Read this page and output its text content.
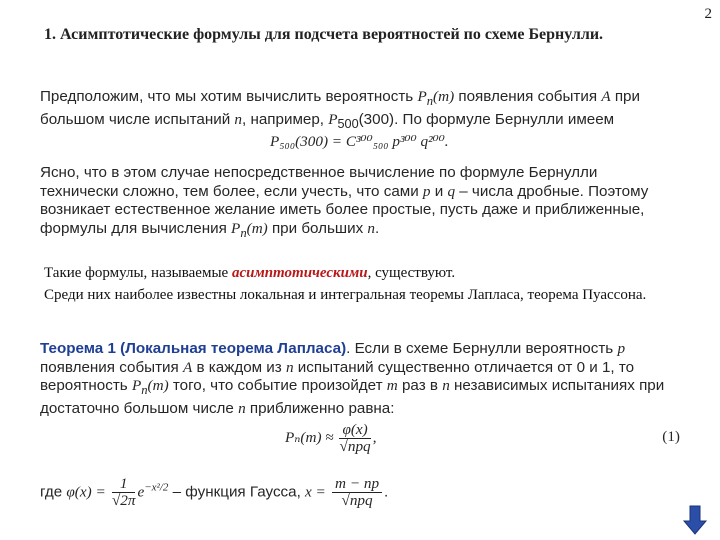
2
1. Асимптотические формулы для подсчета вероятностей по схеме Бернулли.
Предположим, что мы хотим вычислить вероятность $P_n(m)$ появления события A при большом числе испытаний n, например, $P_{500}(300)$. По формуле Бернулли имеем
P₅₀₀(300) = C³⁰⁰₅₀₀ p³⁰⁰ q²⁰⁰.
Ясно, что в этом случае непосредственное вычисление по формуле Бернулли технически сложно, тем более, если учесть, что сами p и q – числа дробные. Поэтому возникает естественное желание иметь более простые, пусть даже и приближенные, формулы для вычисления $P_n(m)$ при больших n.
Такие формулы, называемые асимптотическими, существуют.
Среди них наиболее известны локальная и интегральная теоремы Лапласа, теорема Пуассона.
Теорема 1 (Локальная теорема Лапласа). Если в схеме Бернулли вероятность p появления события A в каждом из n испытаний существенно отличается от 0 и 1, то вероятность $P_n(m)$ того, что событие произойдет m раз в n независимых испытаниях при достаточно большом числе n приближенно равна:
$P_n(m) \approx \frac{\varphi(x)}{\text{√npq}}$ ,	(1)
где $\varphi(x) = \frac{1}{√2\pi} e^{-x^2/2}$ – функция Гаусса, $x = \frac{m - np}{\text{√npq}}$ .
